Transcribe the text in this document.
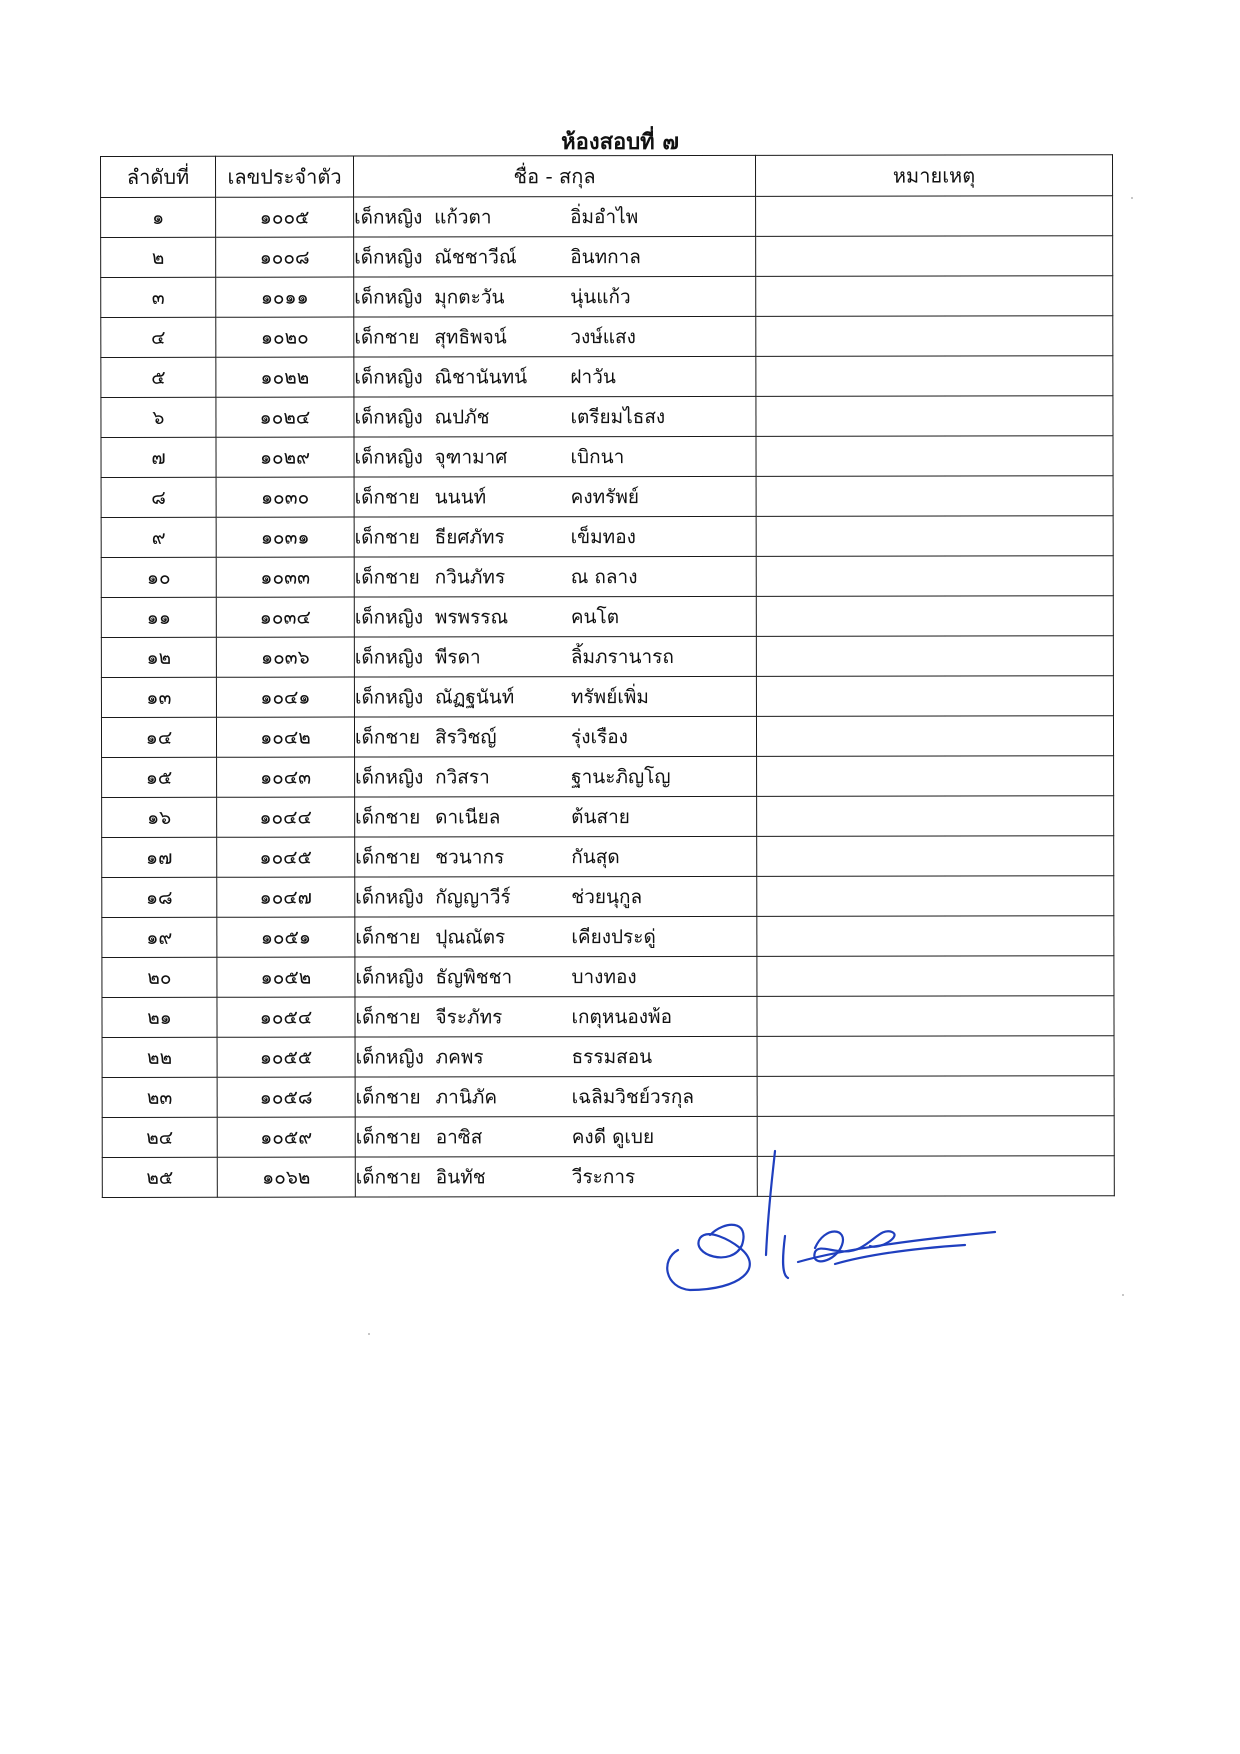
ห้องสอบที่ ๗
ลำดับที่	เลขประจำตัว	ชื่อ - สกุล	หมายเหตุ
๑	๑๐๐๕	เด็กหญิง แก้วตา อิ่มอำไพ	
๒	๑๐๐๘	เด็กหญิง ณัชชาวีณ์ อินทกาล	
๓	๑๐๑๑	เด็กหญิง มุกตะวัน นุ่นแก้ว	
๔	๑๐๒๐	เด็กชาย สุทธิพจน์ วงษ์แสง	
๕	๑๐๒๒	เด็กหญิง ณิชานันทน์ ฝาวัน	
๖	๑๐๒๔	เด็กหญิง ณปภัช เตรียมไธสง	
๗	๑๐๒๙	เด็กหญิง จุฑามาศ เบิกนา	
๘	๑๐๓๐	เด็กชาย นนนท์ คงทรัพย์	
๙	๑๐๓๑	เด็กชาย ธียศภัทร เข็มทอง	
๑๐	๑๐๓๓	เด็กชาย กวินภัทร ณ ถลาง	
๑๑	๑๐๓๔	เด็กหญิง พรพรรณ คนโต	
๑๒	๑๐๓๖	เด็กหญิง พีรดา ลิ้มภรานารถ	
๑๓	๑๐๔๑	เด็กหญิง ณัฏฐนันท์ ทรัพย์เพิ่ม	
๑๔	๑๐๔๒	เด็กชาย สิรวิชญ์ รุ่งเรือง	
๑๕	๑๐๔๓	เด็กหญิง กวิสรา ฐานะภิญโญ	
๑๖	๑๐๔๔	เด็กชาย ดาเนียล ต้นสาย	
๑๗	๑๐๔๕	เด็กชาย ชวนากร กันสุด	
๑๘	๑๐๔๗	เด็กหญิง กัญญาวีร์ ช่วยนุกูล	
๑๙	๑๐๕๑	เด็กชาย ปุณณัตร เคียงประดู่	
๒๐	๑๐๕๒	เด็กหญิง ธัญพิชชา บางทอง	
๒๑	๑๐๕๔	เด็กชาย จีระภัทร เกตุหนองพ้อ	
๒๒	๑๐๕๕	เด็กหญิง ภคพร ธรรมสอน	
๒๓	๑๐๕๘	เด็กชาย ภานิภัค เฉลิมวิชย์วรกุล	
๒๔	๑๐๕๙	เด็กชาย อาซิส คงดี ดูเบย	
๒๕	๑๐๖๒	เด็กชาย อินทัช วีระการ	
